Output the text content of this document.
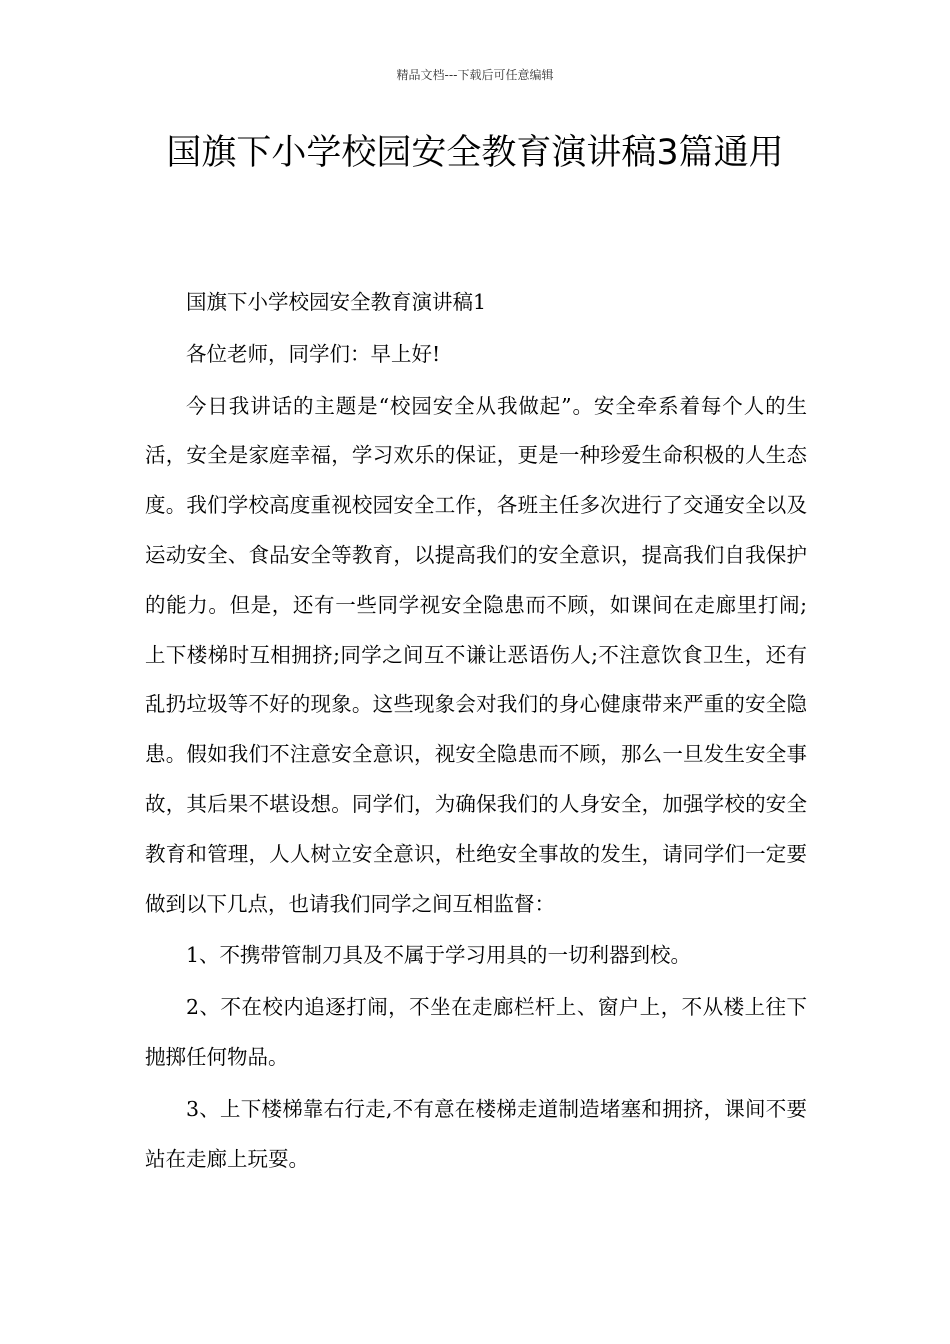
精品文档---下载后可任意编辑
国旗下小学校园安全教育演讲稿3篇通用

国旗下小学校园安全教育演讲稿1

各位老师，同学们：早上好!

今日我讲话的主题是“校园安全从我做起”。安全牵系着每个人的生活，安全是家庭幸福，学习欢乐的保证，更是一种珍爱生命积极的人生态度。我们学校高度重视校园安全工作，各班主任多次进行了交通安全以及运动安全、食品安全等教育，以提高我们的安全意识，提高我们自我保护的能力。但是，还有一些同学视安全隐患而不顾，如课间在走廊里打闹;上下楼梯时互相拥挤;同学之间互不谦让恶语伤人;不注意饮食卫生，还有乱扔垃圾等不好的现象。这些现象会对我们的身心健康带来严重的安全隐患。假如我们不注意安全意识，视安全隐患而不顾，那么一旦发生安全事故，其后果不堪设想。同学们，为确保我们的人身安全，加强学校的安全教育和管理，人人树立安全意识，杜绝安全事故的发生，请同学们一定要做到以下几点，也请我们同学之间互相监督：

1、不携带管制刀具及不属于学习用具的一切利器到校。

2、不在校内追逐打闹，不坐在走廊栏杆上、窗户上，不从楼上往下抛掷任何物品。

3、上下楼梯靠右行走,不有意在楼梯走道制造堵塞和拥挤，课间不要站在走廊上玩耍。
